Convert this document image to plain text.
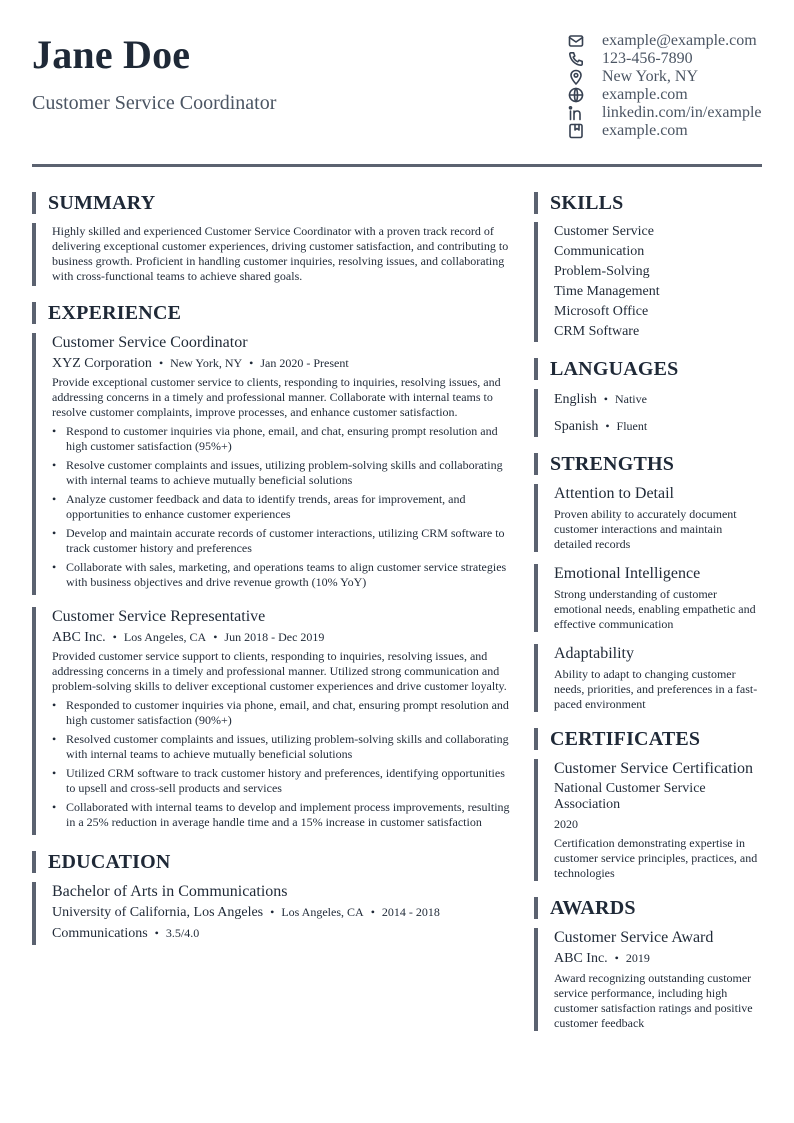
Jane Doe
Customer Service Coordinator
example@example.com
123-456-7890
New York, NY
example.com
linkedin.com/in/example
example.com
SUMMARY
Highly skilled and experienced Customer Service Coordinator with a proven track record of delivering exceptional customer experiences, driving customer satisfaction, and contributing to business growth. Proficient in handling customer inquiries, resolving issues, and collaborating with cross-functional teams to achieve shared goals.
EXPERIENCE
Customer Service Coordinator
XYZ Corporation • New York, NY • Jan 2020 - Present
Provide exceptional customer service to clients, responding to inquiries, resolving issues, and addressing concerns in a timely and professional manner. Collaborate with internal teams to resolve customer complaints, improve processes, and enhance customer satisfaction.
• Respond to customer inquiries via phone, email, and chat, ensuring prompt resolution and high customer satisfaction (95%+)
• Resolve customer complaints and issues, utilizing problem-solving skills and collaborating with internal teams to achieve mutually beneficial solutions
• Analyze customer feedback and data to identify trends, areas for improvement, and opportunities to enhance customer experiences
• Develop and maintain accurate records of customer interactions, utilizing CRM software to track customer history and preferences
• Collaborate with sales, marketing, and operations teams to align customer service strategies with business objectives and drive revenue growth (10% YoY)
Customer Service Representative
ABC Inc. • Los Angeles, CA • Jun 2018 - Dec 2019
Provided customer service support to clients, responding to inquiries, resolving issues, and addressing concerns in a timely and professional manner. Utilized strong communication and problem-solving skills to deliver exceptional customer experiences and drive customer loyalty.
• Responded to customer inquiries via phone, email, and chat, ensuring prompt resolution and high customer satisfaction (90%+)
• Resolved customer complaints and issues, utilizing problem-solving skills and collaborating with internal teams to achieve mutually beneficial solutions
• Utilized CRM software to track customer history and preferences, identifying opportunities to upsell and cross-sell products and services
• Collaborated with internal teams to develop and implement process improvements, resulting in a 25% reduction in average handle time and a 15% increase in customer satisfaction
EDUCATION
Bachelor of Arts in Communications
University of California, Los Angeles • Los Angeles, CA • 2014 - 2018
Communications • 3.5/4.0
SKILLS
Customer Service
Communication
Problem-Solving
Time Management
Microsoft Office
CRM Software
LANGUAGES
English • Native
Spanish • Fluent
STRENGTHS
Attention to Detail
Proven ability to accurately document customer interactions and maintain detailed records
Emotional Intelligence
Strong understanding of customer emotional needs, enabling empathetic and effective communication
Adaptability
Ability to adapt to changing customer needs, priorities, and preferences in a fast-paced environment
CERTIFICATES
Customer Service Certification
National Customer Service Association
2020
Certification demonstrating expertise in customer service principles, practices, and technologies
AWARDS
Customer Service Award
ABC Inc. • 2019
Award recognizing outstanding customer service performance, including high customer satisfaction ratings and positive customer feedback
